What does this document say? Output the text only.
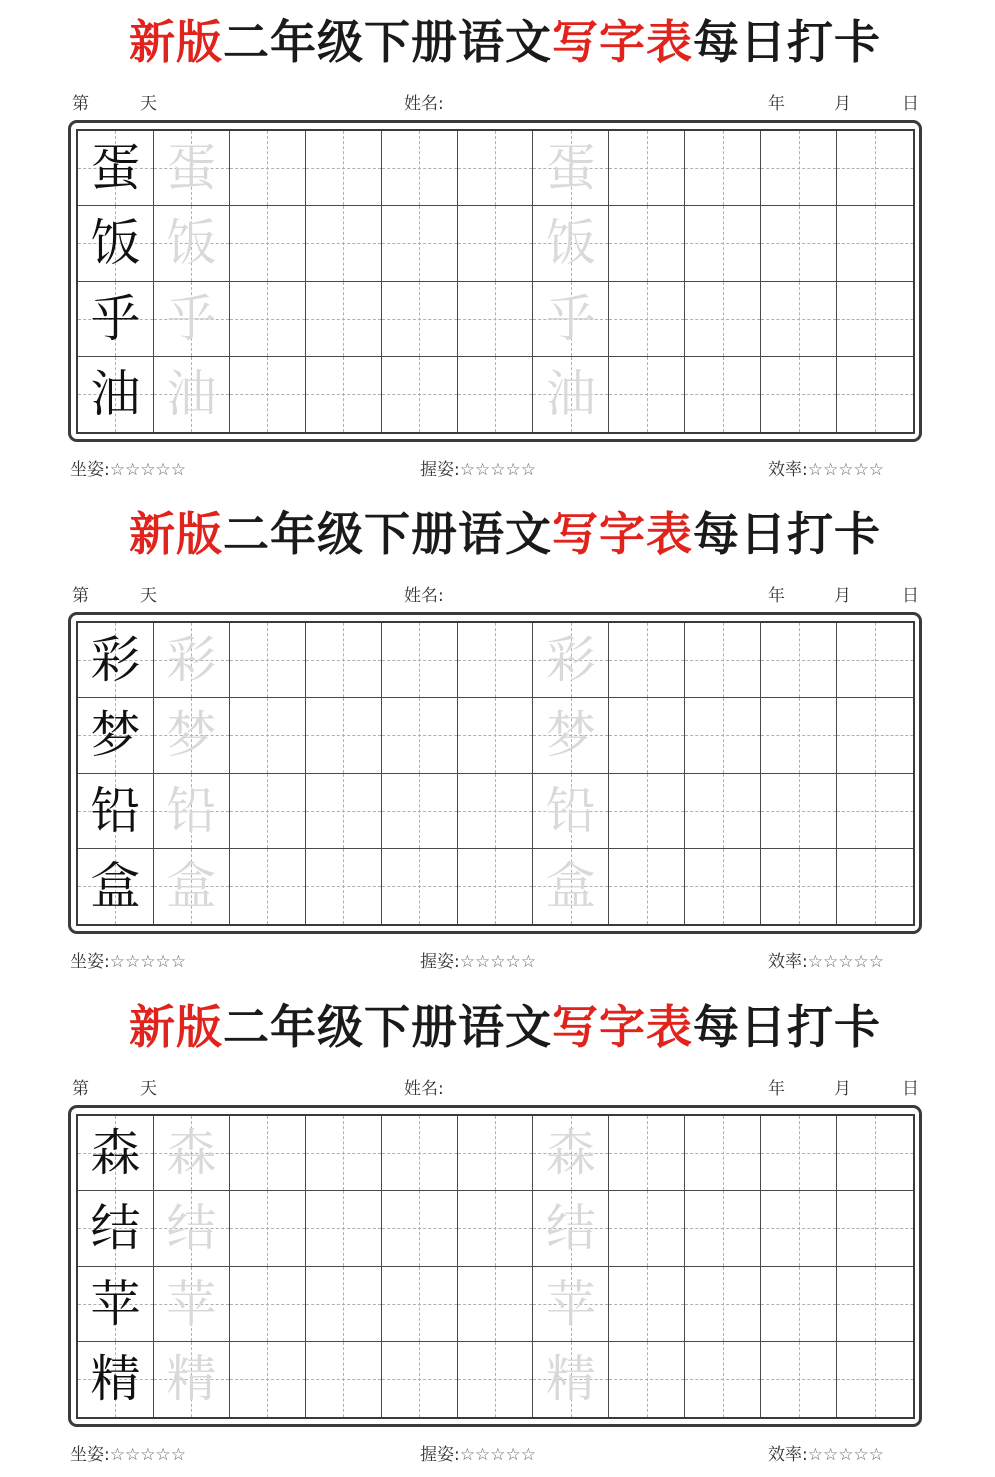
新版二年级下册语文写字表每日打卡
第	天	姓名:	年	月	日
蛋 蛋	蛋
饭 饭	饭
乎 乎	乎
油 油	油
坐姿:☆☆☆☆☆	握姿:☆☆☆☆☆	效率:☆☆☆☆☆
新版二年级下册语文写字表每日打卡
第	天	姓名:	年	月	日
彩 彩	彩
梦 梦	梦
铅 铅	铅
盒 盒	盒
坐姿:☆☆☆☆☆	握姿:☆☆☆☆☆	效率:☆☆☆☆☆
新版二年级下册语文写字表每日打卡
第	天	姓名:	年	月	日
森 森	森
结 结	结
苹 苹	苹
精 精	精
坐姿:☆☆☆☆☆	握姿:☆☆☆☆☆	效率:☆☆☆☆☆
